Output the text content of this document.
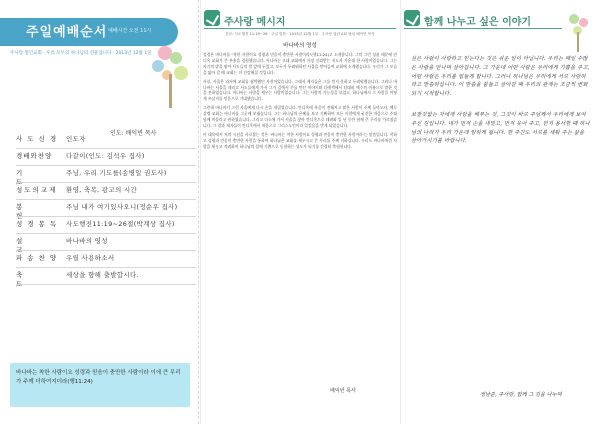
주일예배순서 예배시간 오전 11시
주사랑 열린교회 · 우리 모두의 하나님의 선물입니다 · 2013년 12월 1일
인도: 배익빈 목사
사도신경 인도자
경배와찬양	다같이(인도: 김석우 집사)
기도
주님, 우리 기도를(송병일 권도사)
성도의교제	환영, 축복, 광고의 시간
봉헌
주님 내가 여기있사오니(정순우 집사)
성경봉독 사도행전11:19~26절(박계상 집사)
설교
바나바의 영성
파송찬양 우릴 사용하소서
축도
세상을 향해 출발합시다.
바나바는 착한 사람이요 성령과 믿음이 충만한 사람이라 이에 큰 무리가 주께 더하여지더라(행11:24)
주사랑 메시지
본문: 사도행전 11:19~26 · 주일 말씀 · 2013년 12월 1일 · 주사랑 열린교회 담임 배익빈 목사
바나바의 영성

성경은 바나바를 "착한 사람이요 성령과 믿음이 충만한 사람이라"(행11:24)고 소개합니다. 그의 그런 성품 때문에 안디옥 교회가 큰 부흥을 경험했습니다. 바나바는 초대 교회에서 가장 신뢰받는 지도자 가운데 한 사람이었습니다. 그는 자기의 밭을 팔아 사도들의 발 앞에 두었고, 모두가 두려워하던 사울을 받아들여 교회에 소개했습니다. 우리가 그 모습을 닮아 갈 때 교회는 더 건강해질 것입니다.

사실, 사울은 과거에 교회를 핍박했던 사람이었습니다. 그래서 제자들은 그를 믿지 못하고 두려워했습니다. 그러나 바나바는 사울을 데리고 사도들에게 가서 그가 길에서 주를 만난 이야기와 다메섹에서 담대히 예수의 이름으로 말한 것을 전하였습니다. 바나바는 사람을 세우는 사람이었습니다. 그는 사람의 가능성을 보았고, 하나님께서 그 사람을 어떻게 쓰실지를 믿음으로 기대했습니다.

그런데 바나바가 그런 사울에게 다시 손을 내밀었습니다. 안디옥에 복음이 전해지고 많은 사람이 주께 돌아오자, 예루살렘 교회는 바나바를 그곳에 보냈습니다. 그는 하나님의 은혜를 보고 기뻐하며 모든 사람에게 굳건한 마음으로 주와 함께 머물라고 권하였습니다. 그리고 다소에 가서 사울을 찾아 안디옥으로 데려와 일 년 동안 함께 큰 무리를 가르쳤습니다. 그 결과 제자들이 안디옥에서 처음으로 그리스도인이라 일컬음을 받게 되었습니다.

이 대목에서 저의 시선을 사로잡는 것은 '바나바는 착한 사람이요 성령과 믿음이 충만한 사람이라'는 말씀입니다. 착하고 성령과 믿음이 충만한 사람을 통하여 하나님은 교회를 세우시고 큰 무리를 주께 더하십니다. 우리도 바나바처럼 사람을 세우고 격려하며 하나님의 일에 기쁨으로 동참하는 성도가 되기를 간절히 축원합니다.

배익빈 목사
함께 나누고 싶은 이야기

실은 사람이 사랑하고 믿는다는 것은 쉬운 일이 아닙니다. 우리는 매일 수많은 사람을 만나며 살아갑니다. 그 가운데 어떤 사람은 우리에게 기쁨을 주고, 어떤 사람은 우리를 힘들게 합니다. 그러나 하나님은 우리에게 서로 사랑하라고 말씀하십니다. 이 말씀을 붙들고 살아갈 때 우리의 관계는 조금씩 변화되기 시작합니다.

보잘것없는 자에게 사랑을 베푸는 것, 그것이 바로 주님께서 우리에게 보여 주신 길입니다. 내가 먼저 손을 내밀고, 먼저 웃어 주고, 먼저 용서할 때 하나님의 나라가 우리 가운데 임하게 됩니다. 한 주간도 서로를 세워 주는 삶을 살아가시기를 바랍니다.

정남준, 주사랑, 함께 그 길을 나누며
